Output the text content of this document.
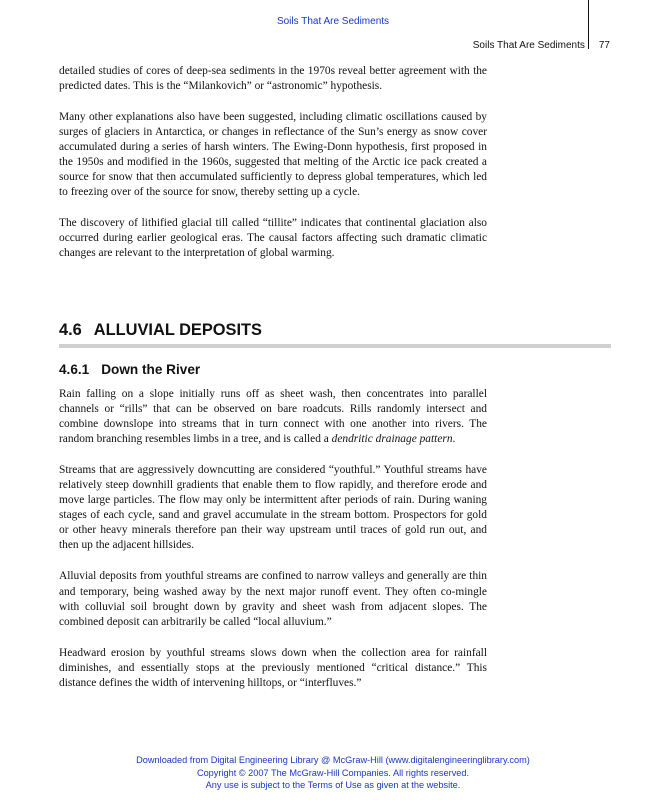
Soils That Are Sediments
Soils That Are Sediments 77

detailed studies of cores of deep-sea sediments in the 1970s reveal better agreement with the predicted dates. This is the “Milankovich” or “astronomic” hypothesis.

Many other explanations also have been suggested, including climatic oscillations caused by surges of glaciers in Antarctica, or changes in reflectance of the Sun’s energy as snow cover accumulated during a series of harsh winters. The Ewing-Donn hypothesis, first proposed in the 1950s and modified in the 1960s, suggested that melting of the Arctic ice pack created a source for snow that then accumulated sufficiently to depress global temperatures, which led to freezing over of the source for snow, thereby setting up a cycle.

The discovery of lithified glacial till called “tillite” indicates that continental glaciation also occurred during earlier geological eras. The causal factors affecting such dramatic climatic changes are relevant to the interpretation of global warming.

4.6 ALLUVIAL DEPOSITS
4.6.1 Down the River

Rain falling on a slope initially runs off as sheet wash, then concentrates into parallel channels or “rills” that can be observed on bare roadcuts. Rills randomly intersect and combine downslope into streams that in turn connect with one another into rivers. The random branching resembles limbs in a tree, and is called a dendritic drainage pattern.

Streams that are aggressively downcutting are considered “youthful.” Youthful streams have relatively steep downhill gradients that enable them to flow rapidly, and therefore erode and move large particles. The flow may only be intermittent after periods of rain. During waning stages of each cycle, sand and gravel accumulate in the stream bottom. Prospectors for gold or other heavy minerals therefore pan their way upstream until traces of gold run out, and then up the adjacent hillsides.

Alluvial deposits from youthful streams are confined to narrow valleys and generally are thin and temporary, being washed away by the next major runoff event. They often co-mingle with colluvial soil brought down by gravity and sheet wash from adjacent slopes. The combined deposit can arbitrarily be called “local alluvium.”

Headward erosion by youthful streams slows down when the collection area for rainfall diminishes, and essentially stops at the previously mentioned “critical distance.” This distance defines the width of intervening hilltops, or “interfluves.”

Downloaded from Digital Engineering Library @ McGraw-Hill (www.digitalengineeringlibrary.com)
Copyright © 2007 The McGraw-Hill Companies. All rights reserved.
Any use is subject to the Terms of Use as given at the website.
